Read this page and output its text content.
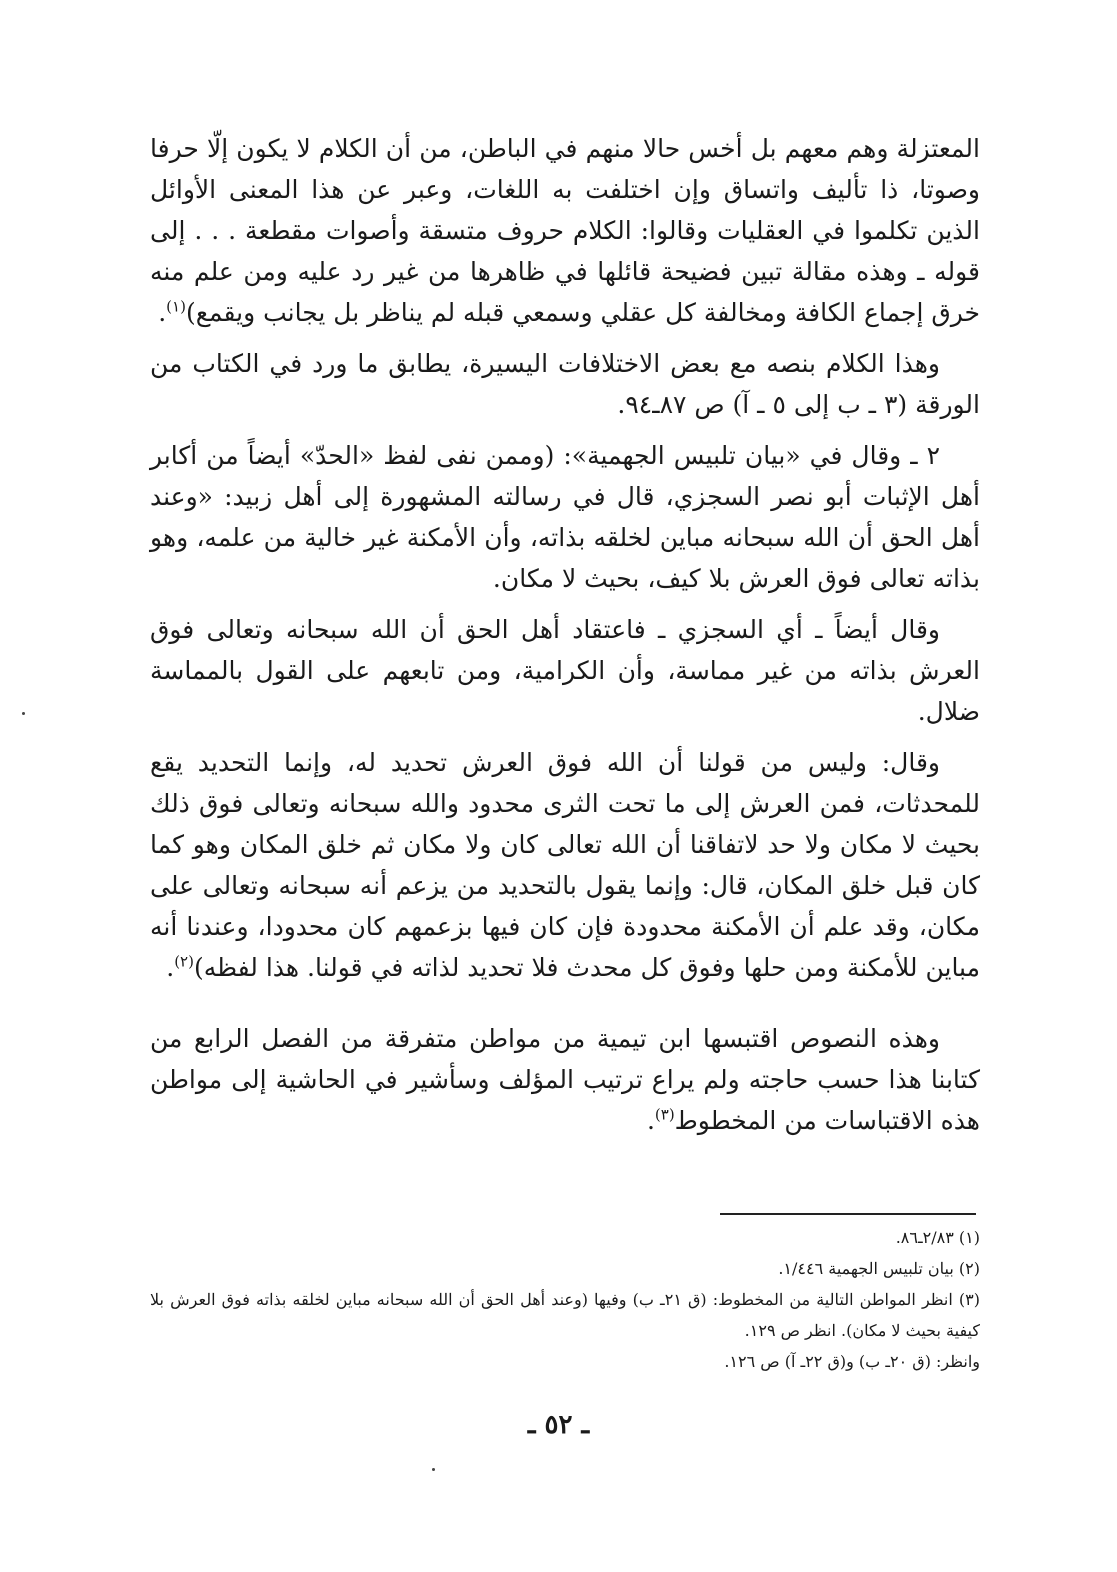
المعتزلة وهم معهم بل أخس حالا منهم في الباطن، من أن الكلام لا يكون إلّا حرفا وصوتا، ذا تأليف واتساق وإن اختلفت به اللغات، وعبر عن هذا المعنى الأوائل الذين تكلموا في العقليات وقالوا: الكلام حروف متسقة وأصوات مقطعة . . . إلى قوله ـ وهذه مقالة تبين فضيحة قائلها في ظاهرها من غير رد عليه ومن علم منه خرق إجماع الكافة ومخالفة كل عقلي وسمعي قبله لم يناظر بل يجانب ويقمع)$^{(١)}$.

وهذا الكلام بنصه مع بعض الاختلافات اليسيرة، يطابق ما ورد في الكتاب من الورقة (٣ ـ ب إلى ٥ ـ آ) ص ٨٧ـ٩٤.

٢ ـ وقال في «بيان تلبيس الجهمية»: (وممن نفى لفظ «الحدّ» أيضاً من أكابر أهل الإثبات أبو نصر السجزي، قال في رسالته المشهورة إلى أهل زبيد: «وعند أهل الحق أن الله سبحانه مباين لخلقه بذاته، وأن الأمكنة غير خالية من علمه، وهو بذاته تعالى فوق العرش بلا كيف، بحيث لا مكان.

وقال أيضاً ـ أي السجزي ـ فاعتقاد أهل الحق أن الله سبحانه وتعالى فوق العرش بذاته من غير مماسة، وأن الكرامية، ومن تابعهم على القول بالمماسة ضلال.

وقال: وليس من قولنا أن الله فوق العرش تحديد له، وإنما التحديد يقع للمحدثات، فمن العرش إلى ما تحت الثرى محدود والله سبحانه وتعالى فوق ذلك بحيث لا مكان ولا حد لاتفاقنا أن الله تعالى كان ولا مكان ثم خلق المكان وهو كما كان قبل خلق المكان، قال: وإنما يقول بالتحديد من يزعم أنه سبحانه وتعالى على مكان، وقد علم أن الأمكنة محدودة فإن كان فيها بزعمهم كان محدودا، وعندنا أنه مباين للأمكنة ومن حلها وفوق كل محدث فلا تحديد لذاته في قولنا. هذا لفظه)$^{(٢)}$.

وهذه النصوص اقتبسها ابن تيمية من مواطن متفرقة من الفصل الرابع من كتابنا هذا حسب حاجته ولم يراع ترتيب المؤلف وسأشير في الحاشية إلى مواطن هذه الاقتباسات من المخطوط$^{(٣)}$.

(١) ٢/٨٣ـ٨٦.

(٢) بيان تلبيس الجهمية ١/٤٤٦.

(٣) انظر المواطن التالية من المخطوط: (ق ٢١ـ ب) وفيها (وعند أهل الحق أن الله سبحانه مباين لخلقه بذاته فوق العرش بلا كيفية بحيث لا مكان). انظر ص ١٢٩.

وانظر: (ق ٢٠ـ ب) و(ق ٢٢ـ آ) ص ١٢٦.

ـ ٥٢ ـ
